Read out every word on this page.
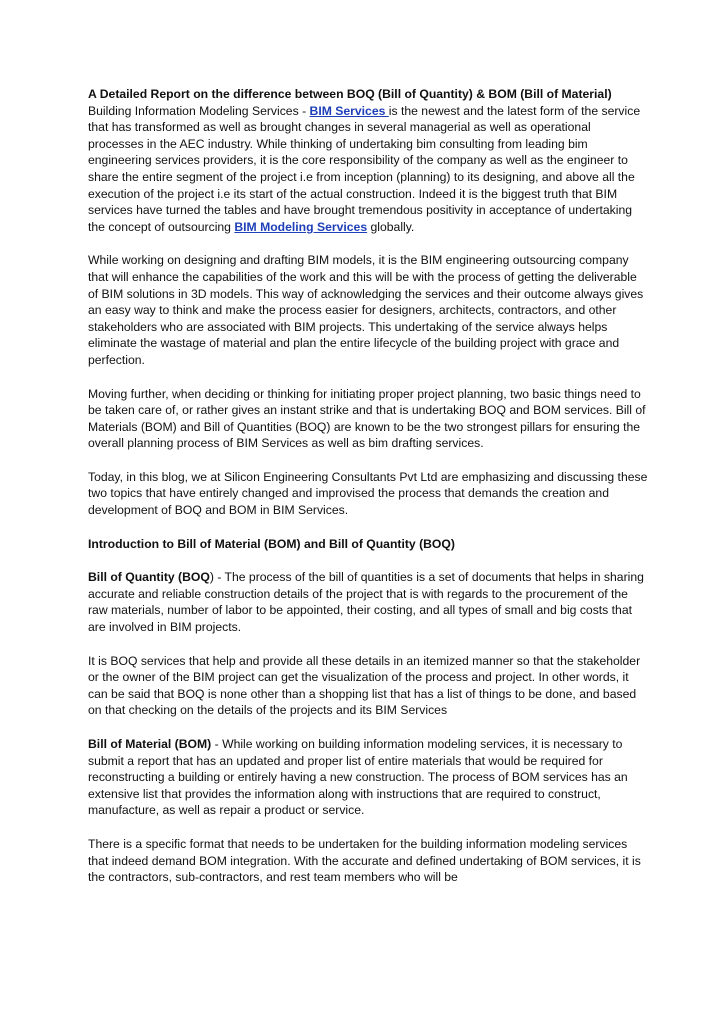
A Detailed Report on the difference between BOQ (Bill of Quantity) & BOM (Bill of Material)

Building Information Modeling Services - BIM Services is the newest and the latest form of the service that has transformed as well as brought changes in several managerial as well as operational processes in the AEC industry. While thinking of undertaking bim consulting from leading bim engineering services providers, it is the core responsibility of the company as well as the engineer to share the entire segment of the project i.e from inception (planning) to its designing, and above all the execution of the project i.e its start of the actual construction. Indeed it is the biggest truth that BIM services have turned the tables and have brought tremendous positivity in acceptance of undertaking the concept of outsourcing BIM Modeling Services globally.

While working on designing and drafting BIM models, it is the BIM engineering outsourcing company that will enhance the capabilities of the work and this will be with the process of getting the deliverable of BIM solutions in 3D models. This way of acknowledging the services and their outcome always gives an easy way to think and make the process easier for designers, architects, contractors, and other stakeholders who are associated with BIM projects. This undertaking of the service always helps eliminate the wastage of material and plan the entire lifecycle of the building project with grace and perfection.

Moving further, when deciding or thinking for initiating proper project planning, two basic things need to be taken care of, or rather gives an instant strike and that is undertaking BOQ and BOM services. Bill of Materials (BOM) and Bill of Quantities (BOQ) are known to be the two strongest pillars for ensuring the overall planning process of BIM Services as well as bim drafting services.

Today, in this blog, we at Silicon Engineering Consultants Pvt Ltd are emphasizing and discussing these two topics that have entirely changed and improvised the process that demands the creation and development of BOQ and BOM in BIM Services.

Introduction to Bill of Material (BOM) and Bill of Quantity (BOQ)

Bill of Quantity (BOQ) - The process of the bill of quantities is a set of documents that helps in sharing accurate and reliable construction details of the project that is with regards to the procurement of the raw materials, number of labor to be appointed, their costing, and all types of small and big costs that are involved in BIM projects.

It is BOQ services that help and provide all these details in an itemized manner so that the stakeholder or the owner of the BIM project can get the visualization of the process and project. In other words, it can be said that BOQ is none other than a shopping list that has a list of things to be done, and based on that checking on the details of the projects and its BIM Services

Bill of Material (BOM) - While working on building information modeling services, it is necessary to submit a report that has an updated and proper list of entire materials that would be required for reconstructing a building or entirely having a new construction. The process of BOM services has an extensive list that provides the information along with instructions that are required to construct, manufacture, as well as repair a product or service.

There is a specific format that needs to be undertaken for the building information modeling services that indeed demand BOM integration. With the accurate and defined undertaking of BOM services, it is the contractors, sub-contractors, and rest team members who will be
